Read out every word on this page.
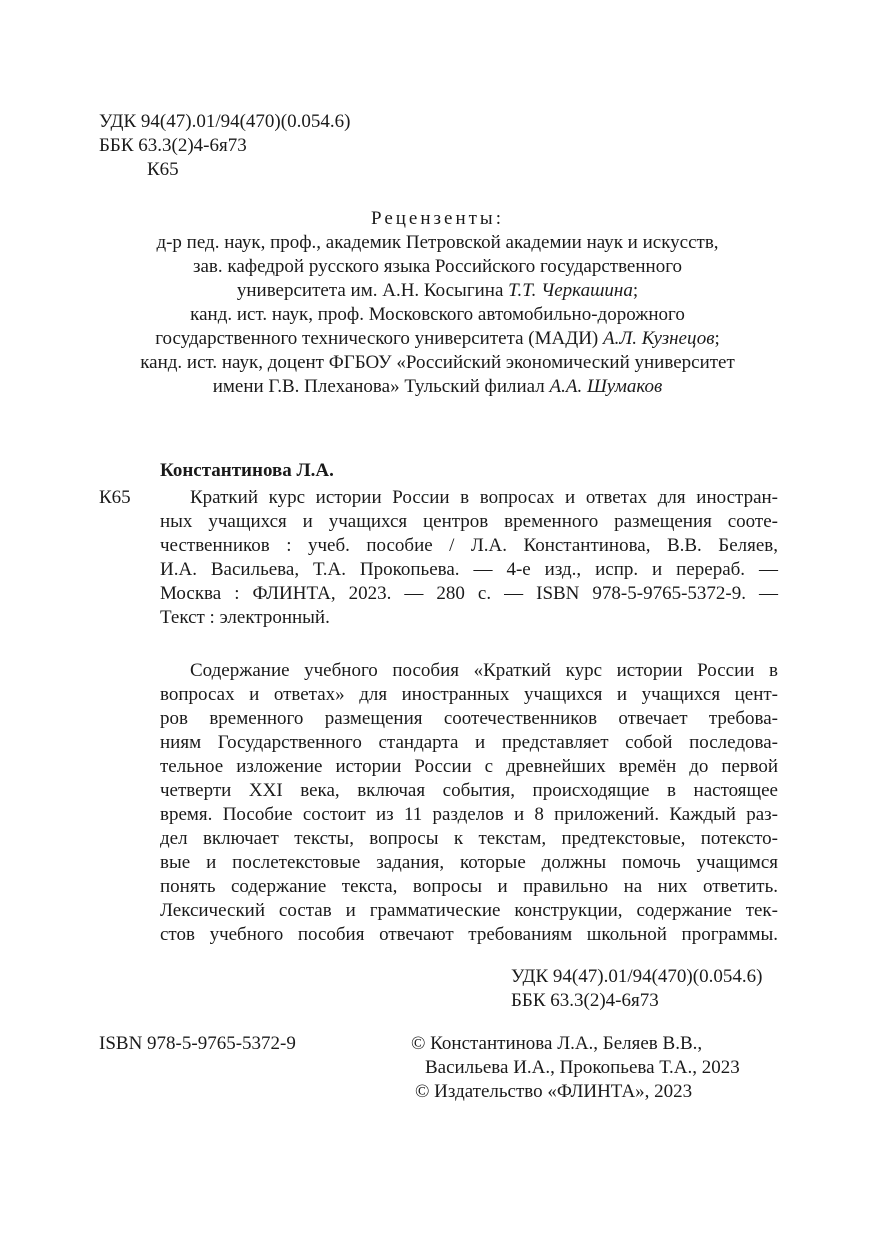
УДК 94(47).01/94(470)(0.054.6)
ББК 63.3(2)4-6я73
К65
Рецензенты:
д-р пед. наук, проф., академик Петровской академии наук и искусств,
зав. кафедрой русского языка Российского государственного
университета им. А.Н. Косыгина Т.Т. Черкашина;
канд. ист. наук, проф. Московского автомобильно-дорожного
государственного технического университета (МАДИ) А.Л. Кузнецов;
канд. ист. наук, доцент ФГБОУ «Российский экономический университет
имени Г.В. Плеханова» Тульский филиал А.А. Шумаков
Константинова Л.А.
К65	Краткий курс истории России в вопросах и ответах для иностран-
ных учащихся и учащихся центров временного размещения сооте-
чественников : учеб. пособие / Л.А. Константинова, В.В. Беляев,
И.А. Васильева, Т.А. Прокопьева. — 4-е изд., испр. и перераб. —
Москва : ФЛИНТА, 2023. — 280 с. — ISBN 978-5-9765-5372-9. —
Текст : электронный.
Содержание учебного пособия «Краткий курс истории России в
вопросах и ответах» для иностранных учащихся и учащихся цент-
ров временного размещения соотечественников отвечает требова-
ниям Государственного стандарта и представляет собой последова-
тельное изложение истории России с древнейших времён до первой
четверти XXI века, включая события, происходящие в настоящее
время. Пособие состоит из 11 разделов и 8 приложений. Каждый раз-
дел включает тексты, вопросы к текстам, предтекстовые, потексто-
вые и послетекстовые задания, которые должны помочь учащимся
понять содержание текста, вопросы и правильно на них ответить.
Лексический состав и грамматические конструкции, содержание тек-
стов учебного пособия отвечают требованиям школьной программы.
УДК 94(47).01/94(470)(0.054.6)
ББК 63.3(2)4-6я73
ISBN 978-5-9765-5372-9	© Константинова Л.А., Беляев В.В.,
Васильева И.А., Прокопьева Т.А., 2023
© Издательство «ФЛИНТА», 2023
